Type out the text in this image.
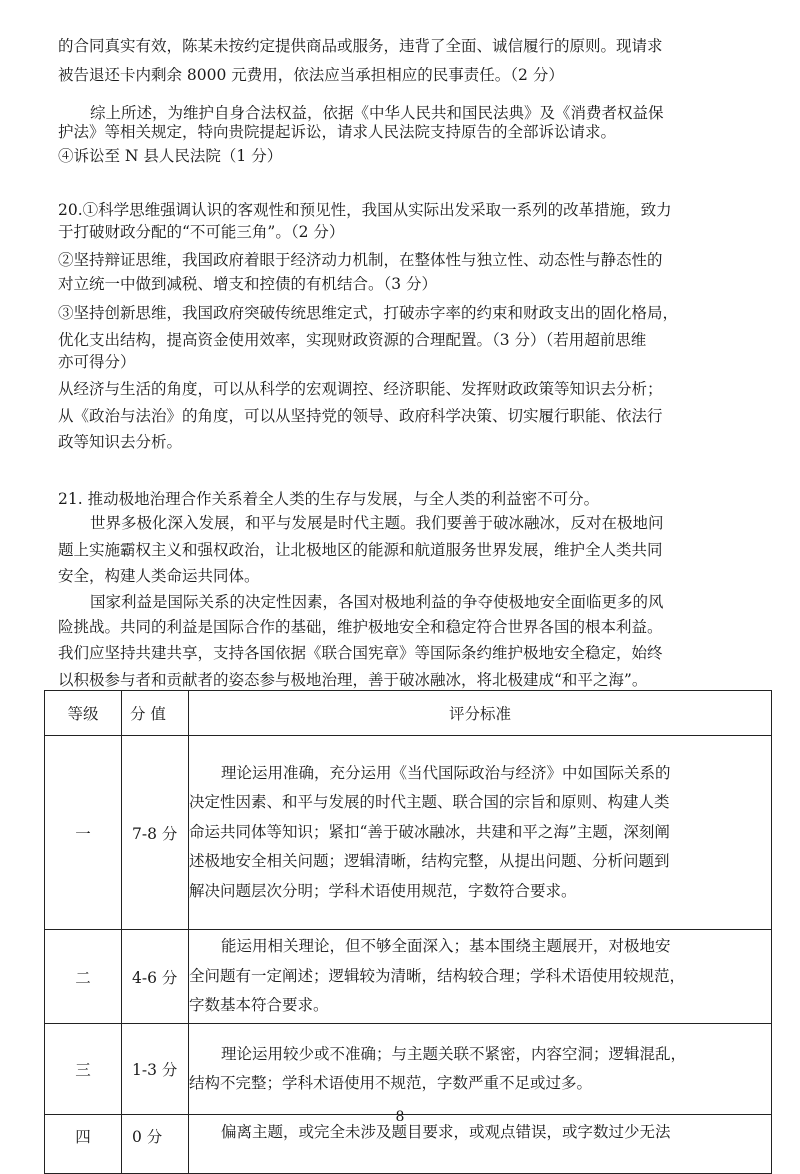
的合同真实有效，陈某未按约定提供商品或服务，违背了全面、诚信履行的原则。现请求
被告退还卡内剩余 8000 元费用，依法应当承担相应的民事责任。（2 分）
综上所述，为维护自身合法权益，依据《中华人民共和国民法典》及《消费者权益保
护法》等相关规定，特向贵院提起诉讼，请求人民法院支持原告的全部诉讼请求。
④诉讼至 N 县人民法院（1 分）
20.①科学思维强调认识的客观性和预见性，我国从实际出发采取一系列的改革措施，致力
于打破财政分配的“不可能三角”。（2 分）
②坚持辩证思维，我国政府着眼于经济动力机制，在整体性与独立性、动态性与静态性的
对立统一中做到减税、增支和控债的有机结合。（3 分）
③坚持创新思维，我国政府突破传统思维定式，打破赤字率的约束和财政支出的固化格局，
优化支出结构，提高资金使用效率，实现财政资源的合理配置。（3 分）（若用超前思维
亦可得分）
从经济与生活的角度，可以从科学的宏观调控、经济职能、发挥财政政策等知识去分析；
从《政治与法治》的角度，可以从坚持党的领导、政府科学决策、切实履行职能、依法行
政等知识去分析。
21. 推动极地治理合作关系着全人类的生存与发展，与全人类的利益密不可分。
世界多极化深入发展，和平与发展是时代主题。我们要善于破冰融冰，反对在极地问
题上实施霸权主义和强权政治，让北极地区的能源和航道服务世界发展，维护全人类共同
安全，构建人类命运共同体。
国家利益是国际关系的决定性因素，各国对极地利益的争夺使极地安全面临更多的风
险挑战。共同的利益是国际合作的基础，维护极地安全和稳定符合世界各国的根本利益。
我们应坚持共建共享，支持各国依据《联合国宪章》等国际条约维护极地安全稳定，始终
以积极参与者和贡献者的姿态参与极地治理，善于破冰融冰，将北极建成“和平之海”。
等级	分 值	评分标准
一	7-8 分	理论运用准确，充分运用《当代国际政治与经济》中如国际关系的
决定性因素、和平与发展的时代主题、联合国的宗旨和原则、构建人类
命运共同体等知识；紧扣“善于破冰融冰，共建和平之海”主题，深刻阐
述极地安全相关问题；逻辑清晰，结构完整，从提出问题、分析问题到
解决问题层次分明；学科术语使用规范，字数符合要求。

二	4-6 分	能运用相关理论，但不够全面深入；基本围绕主题展开，对极地安
全问题有一定阐述；逻辑较为清晰，结构较合理；学科术语使用较规范，
字数基本符合要求。

三	1-3 分	理论运用较少或不准确；与主题关联不紧密，内容空洞；逻辑混乱，
结构不完整；学科术语使用不规范，字数严重不足或过多。

四	0 分	偏离主题，或完全未涉及题目要求，或观点错误，或字数过少无法
8
